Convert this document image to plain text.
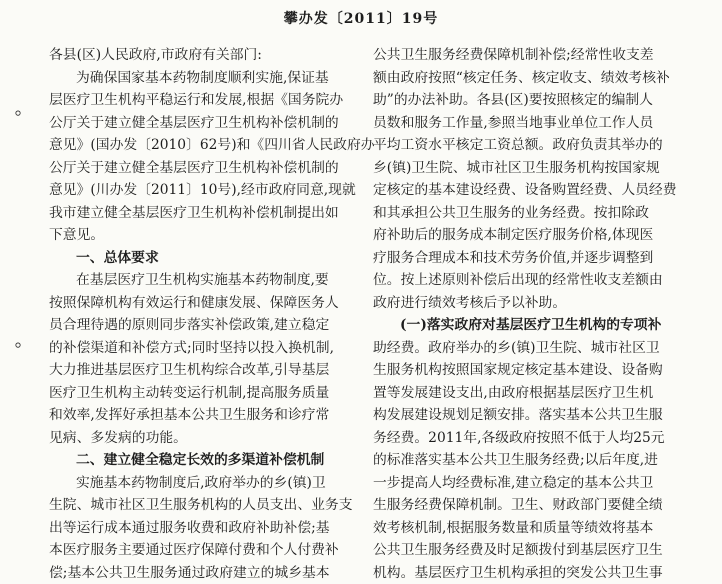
攀办发〔2011〕19号
⸰
⸰
各县(区)人民政府,市政府有关部门:
为确保国家基本药物制度顺利实施,保证基
层医疗卫生机构平稳运行和发展,根据《国务院办
公厅关于建立健全基层医疗卫生机构补偿机制的
意见》(国办发〔2010〕62号)和《四川省人民政府办
公厅关于建立健全基层医疗卫生机构补偿机制的
意见》(川办发〔2011〕10号),经市政府同意,现就
我市建立健全基层医疗卫生机构补偿机制提出如
下意见。
一、总体要求
在基层医疗卫生机构实施基本药物制度,要
按照保障机构有效运行和健康发展、保障医务人
员合理待遇的原则同步落实补偿政策,建立稳定
的补偿渠道和补偿方式;同时坚持以投入换机制,
大力推进基层医疗卫生机构综合改革,引导基层
医疗卫生机构主动转变运行机制,提高服务质量
和效率,发挥好承担基本公共卫生服务和诊疗常
见病、多发病的功能。
二、建立健全稳定长效的多渠道补偿机制
实施基本药物制度后,政府举办的乡(镇)卫
生院、城市社区卫生服务机构的人员支出、业务支
出等运行成本通过服务收费和政府补助补偿;基
本医疗服务主要通过医疗保障付费和个人付费补
偿;基本公共卫生服务通过政府建立的城乡基本
公共卫生服务经费保障机制补偿;经常性收支差
额由政府按照“核定任务、核定收支、绩效考核补
助”的办法补助。各县(区)要按照核定的编制人
员数和服务工作量,参照当地事业单位工作人员
平均工资水平核定工资总额。政府负责其举办的
乡(镇)卫生院、城市社区卫生服务机构按国家规
定核定的基本建设经费、设备购置经费、人员经费
和其承担公共卫生服务的业务经费。按扣除政
府补助后的服务成本制定医疗服务价格,体现医
疗服务合理成本和技术劳务价值,并逐步调整到
位。按上述原则补偿后出现的经常性收支差额由
政府进行绩效考核后予以补助。
(一)落实政府对基层医疗卫生机构的专项补
助经费。政府举办的乡(镇)卫生院、城市社区卫
生服务机构按照国家规定核定基本建设、设备购
置等发展建设支出,由政府根据基层医疗卫生机
构发展建设规划足额安排。落实基本公共卫生服
务经费。2011年,各级政府按照不低于人均25元
的标准落实基本公共卫生服务经费;以后年度,进
一步提高人均经费标准,建立稳定的基本公共卫
生服务经费保障机制。卫生、财政部门要健全绩
效考核机制,根据服务数量和质量等绩效将基本
公共卫生服务经费及时足额拨付到基层医疗卫生
机构。基层医疗卫生机构承担的突发公共卫生事
